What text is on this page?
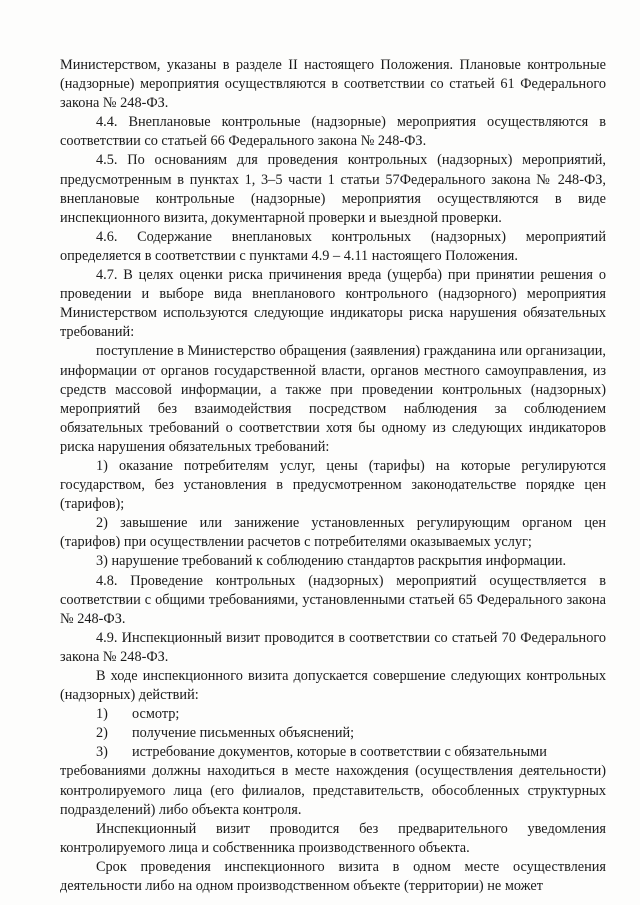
Министерством, указаны в разделе II настоящего Положения. Плановые контрольные (надзорные) мероприятия осуществляются в соответствии со статьей 61 Федерального закона № 248-ФЗ.

4.4. Внеплановые контрольные (надзорные) мероприятия осуществляются в соответствии со статьей 66 Федерального закона № 248-ФЗ.

4.5. По основаниям для проведения контрольных (надзорных) мероприятий, предусмотренным в пунктах 1, 3–5 части 1 статьи 57Федерального закона № 248-ФЗ, внеплановые контрольные (надзорные) мероприятия осуществляются в виде инспекционного визита, документарной проверки и выездной проверки.

4.6. Содержание внеплановых контрольных (надзорных) мероприятий определяется в соответствии с пунктами 4.9 – 4.11 настоящего Положения.

4.7. В целях оценки риска причинения вреда (ущерба) при принятии решения о проведении и выборе вида внепланового контрольного (надзорного) мероприятия Министерством используются следующие индикаторы риска нарушения обязательных требований:

поступление в Министерство обращения (заявления) гражданина или организации, информации от органов государственной власти, органов местного самоуправления, из средств массовой информации, а также при проведении контрольных (надзорных) мероприятий без взаимодействия посредством наблюдения за соблюдением обязательных требований о соответствии хотя бы одному из следующих индикаторов риска нарушения обязательных требований:

1) оказание потребителям услуг, цены (тарифы) на которые регулируются государством, без установления в предусмотренном законодательстве порядке цен (тарифов);

2) завышение или занижение установленных регулирующим органом цен (тарифов) при осуществлении расчетов с потребителями оказываемых услуг;

3) нарушение требований к соблюдению стандартов раскрытия информации.

4.8. Проведение контрольных (надзорных) мероприятий осуществляется в соответствии с общими требованиями, установленными статьей 65 Федерального закона № 248-ФЗ.

4.9. Инспекционный визит проводится в соответствии со статьей 70 Федерального закона № 248-ФЗ.

В ходе инспекционного визита допускается совершение следующих контрольных (надзорных) действий:

1)	осмотр;
2)	получение письменных объяснений;
3)	истребование документов, которые в соответствии с обязательными

требованиями должны находиться в месте нахождения (осуществления деятельности) контролируемого лица (его филиалов, представительств, обособленных структурных подразделений) либо объекта контроля.

Инспекционный визит проводится без предварительного уведомления контролируемого лица и собственника производственного объекта.

Срок проведения инспекционного визита в одном месте осуществления деятельности либо на одном производственном объекте (территории) не может
